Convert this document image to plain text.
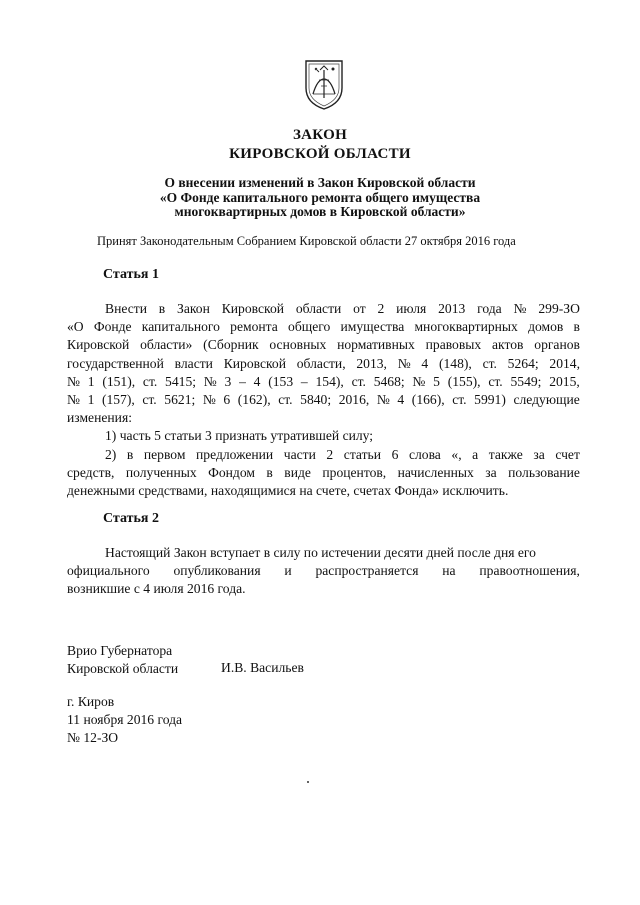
ЗАКОН
КИРОВСКОЙ ОБЛАСТИ
О внесении изменений в Закон Кировской области
«О Фонде капитального ремонта общего имущества
многоквартирных домов в Кировской области»
Принят Законодательным Собранием Кировской области 27 октября 2016 года
Статья 1
Внести в Закон Кировской области от 2 июля 2013 года № 299-ЗО
«О Фонде капитального ремонта общего имущества многоквартирных домов в
Кировской области» (Сборник основных нормативных правовых актов органов
государственной власти Кировской области, 2013, № 4 (148), ст. 5264; 2014,
№ 1 (151), ст. 5415; № 3 – 4 (153 – 154), ст. 5468; № 5 (155), ст. 5549; 2015,
№ 1 (157), ст. 5621; № 6 (162), ст. 5840; 2016, № 4 (166), ст. 5991) следующие
изменения:
1) часть 5 статьи 3 признать утратившей силу;
2) в первом предложении части 2 статьи 6 слова «, а также за счет
средств, полученных Фондом в виде процентов, начисленных за пользование
денежными средствами, находящимися на счете, счетах Фонда» исключить.
Статья 2
Настоящий Закон вступает в силу по истечении десяти дней после дня его
официального опубликования и распространяется на правоотношения,
возникшие с 4 июля 2016 года.
Врио Губернатора
Кировской области	И.В. Васильев
г. Киров
11 ноября 2016 года
№ 12-ЗО
